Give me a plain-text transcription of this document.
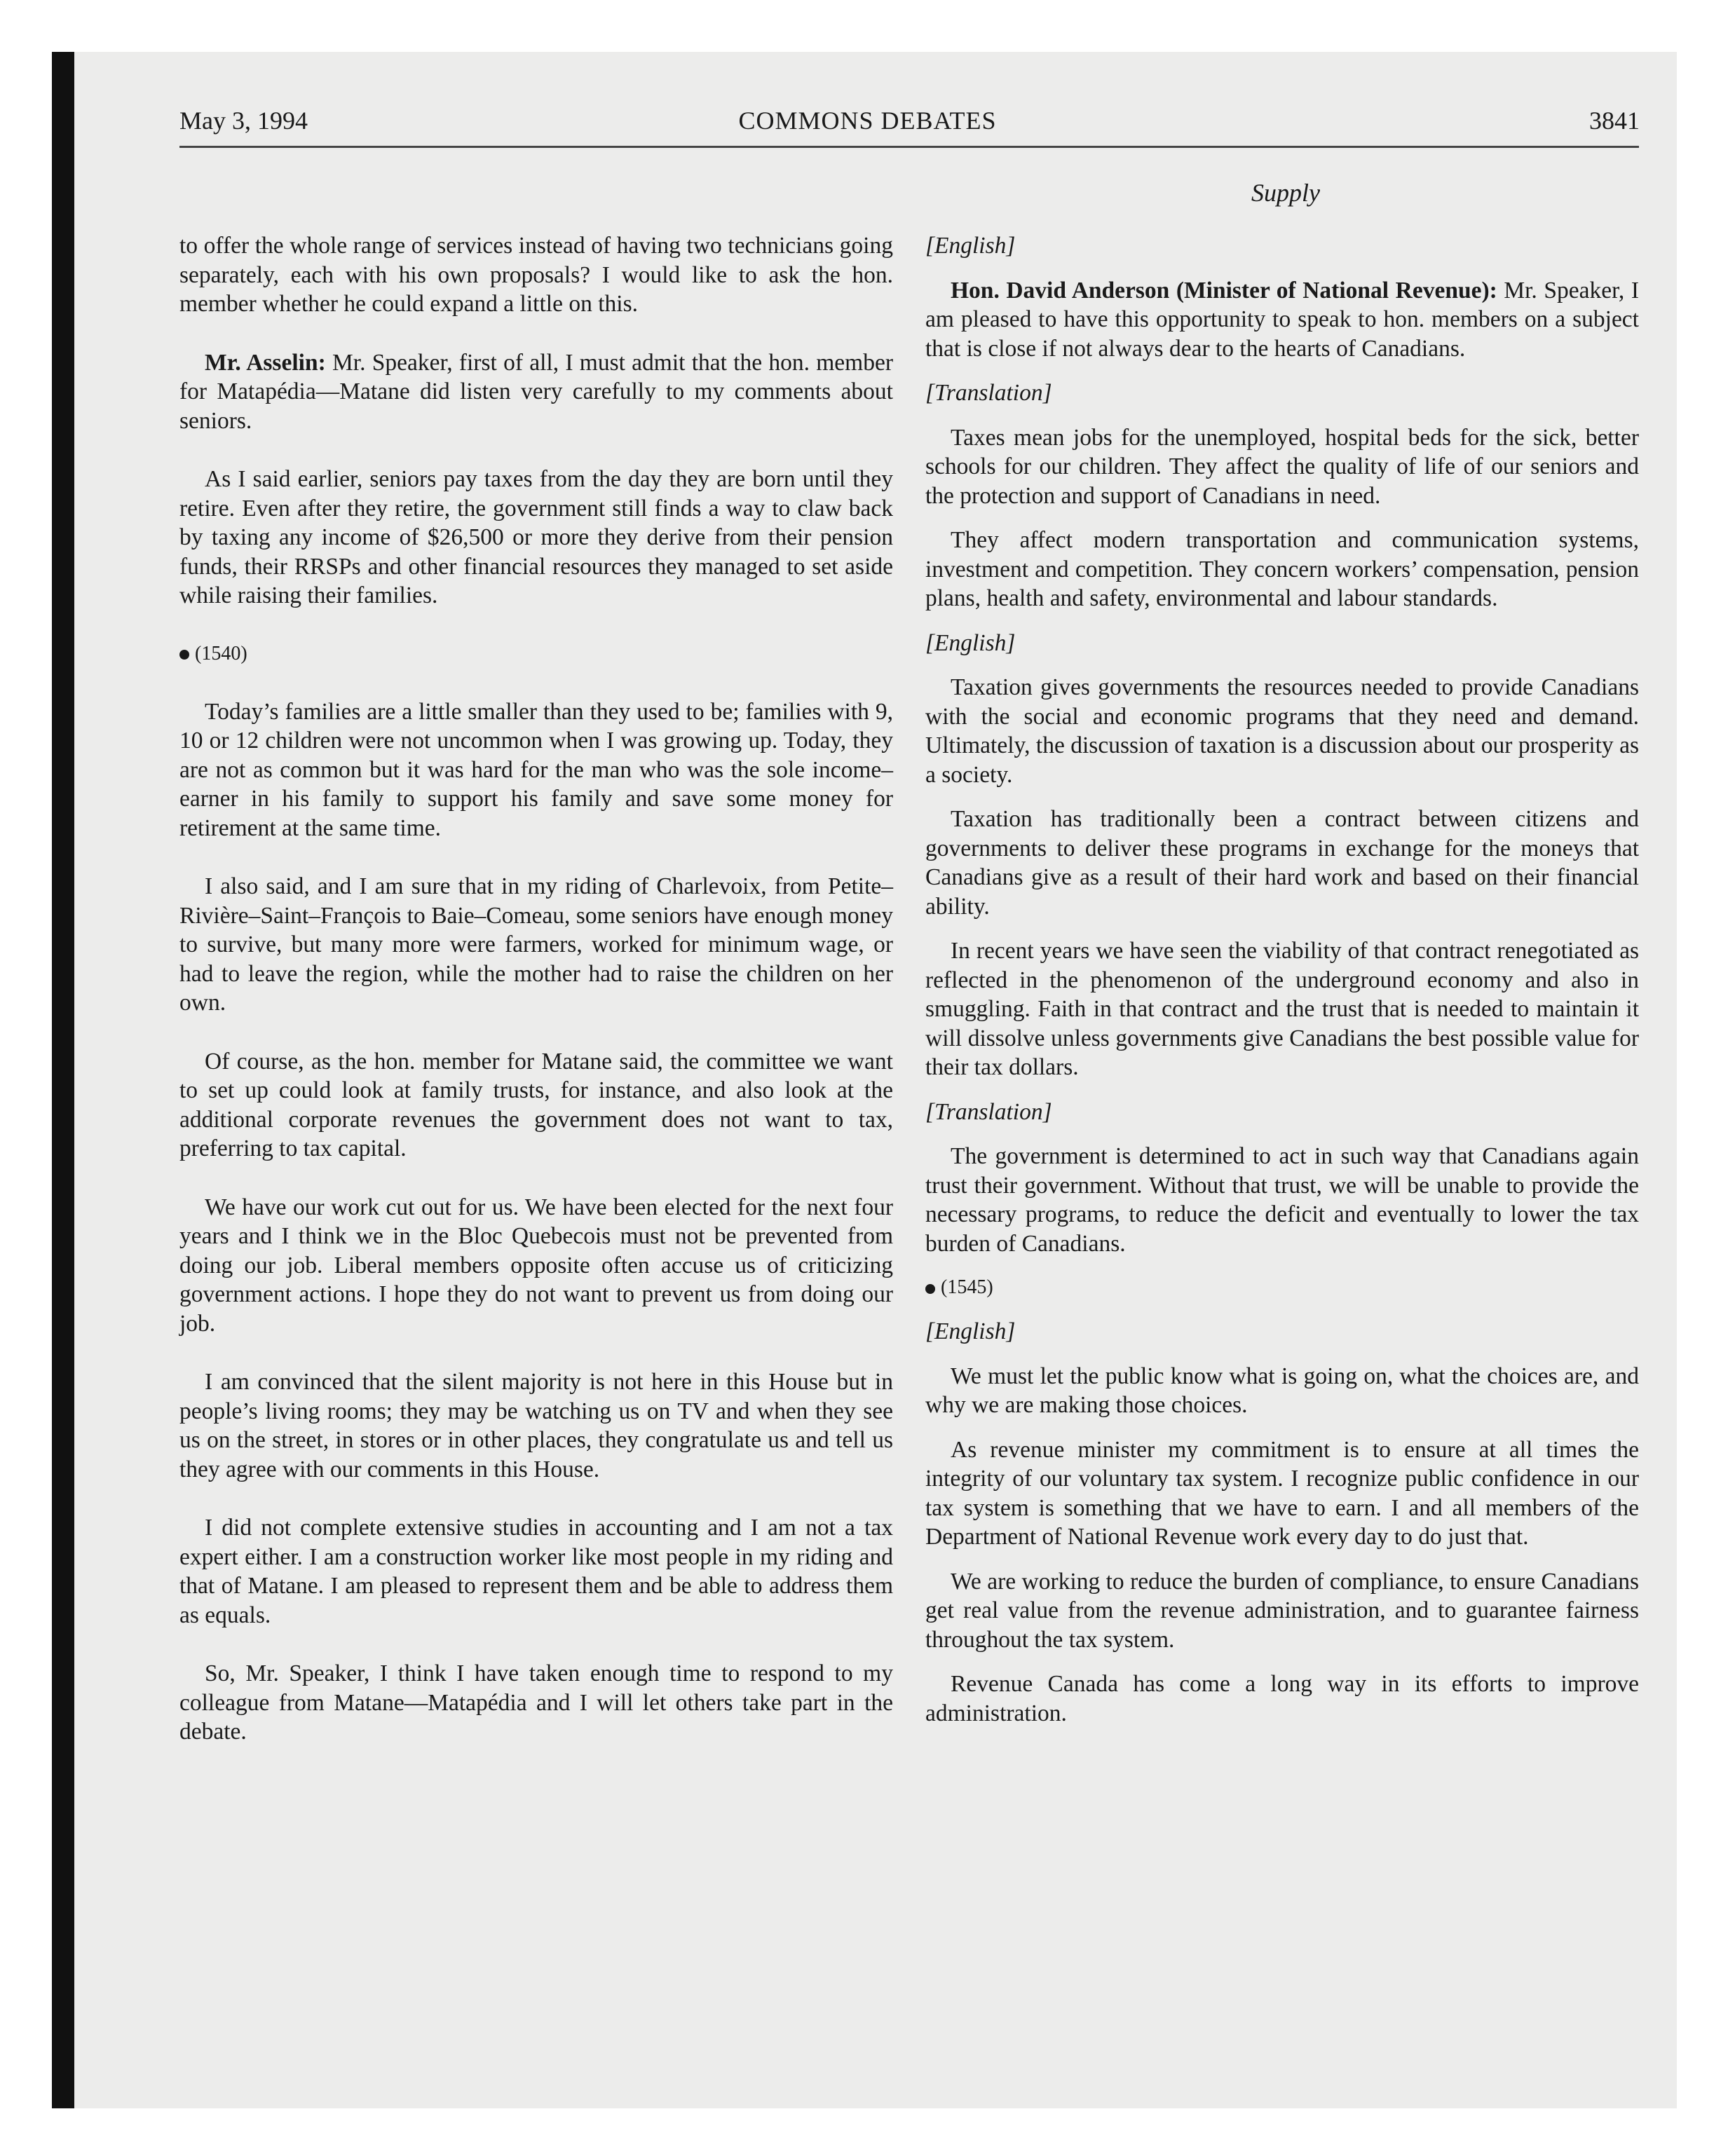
May 3, 1994	COMMONS DEBATES	3841
Supply

to offer the whole range of services instead of having two technicians going separately, each with his own proposals? I would like to ask the hon. member whether he could expand a little on this.

Mr. Asselin: Mr. Speaker, first of all, I must admit that the hon. member for Matapédia—Matane did listen very carefully to my comments about seniors.

As I said earlier, seniors pay taxes from the day they are born until they retire. Even after they retire, the government still finds a way to claw back by taxing any income of $26,500 or more they derive from their pension funds, their RRSPs and other financial resources they managed to set aside while raising their families.

(1540)

Today’s families are a little smaller than they used to be; families with 9, 10 or 12 children were not uncommon when I was growing up. Today, they are not as common but it was hard for the man who was the sole income–earner in his family to support his family and save some money for retirement at the same time.

I also said, and I am sure that in my riding of Charlevoix, from Petite–Rivière–Saint–François to Baie–Comeau, some seniors have enough money to survive, but many more were farmers, worked for minimum wage, or had to leave the region, while the mother had to raise the children on her own.

Of course, as the hon. member for Matane said, the committee we want to set up could look at family trusts, for instance, and also look at the additional corporate revenues the government does not want to tax, preferring to tax capital.

We have our work cut out for us. We have been elected for the next four years and I think we in the Bloc Quebecois must not be prevented from doing our job. Liberal members opposite often accuse us of criticizing government actions. I hope they do not want to prevent us from doing our job.

I am convinced that the silent majority is not here in this House but in people’s living rooms; they may be watching us on TV and when they see us on the street, in stores or in other places, they congratulate us and tell us they agree with our comments in this House.

I did not complete extensive studies in accounting and I am not a tax expert either. I am a construction worker like most people in my riding and that of Matane. I am pleased to represent them and be able to address them as equals.

So, Mr. Speaker, I think I have taken enough time to respond to my colleague from Matane—Matapédia and I will let others take part in the debate.

[English]

Hon. David Anderson (Minister of National Revenue): Mr. Speaker, I am pleased to have this opportunity to speak to hon. members on a subject that is close if not always dear to the hearts of Canadians.

[Translation]

Taxes mean jobs for the unemployed, hospital beds for the sick, better schools for our children. They affect the quality of life of our seniors and the protection and support of Canadians in need.

They affect modern transportation and communication systems, investment and competition. They concern workers’ compensation, pension plans, health and safety, environmental and labour standards.

[English]

Taxation gives governments the resources needed to provide Canadians with the social and economic programs that they need and demand. Ultimately, the discussion of taxation is a discussion about our prosperity as a society.

Taxation has traditionally been a contract between citizens and governments to deliver these programs in exchange for the moneys that Canadians give as a result of their hard work and based on their financial ability.

In recent years we have seen the viability of that contract renegotiated as reflected in the phenomenon of the underground economy and also in smuggling. Faith in that contract and the trust that is needed to maintain it will dissolve unless governments give Canadians the best possible value for their tax dollars.

[Translation]

The government is determined to act in such way that Canadians again trust their government. Without that trust, we will be unable to provide the necessary programs, to reduce the deficit and eventually to lower the tax burden of Canadians.

(1545)

[English]

We must let the public know what is going on, what the choices are, and why we are making those choices.

As revenue minister my commitment is to ensure at all times the integrity of our voluntary tax system. I recognize public confidence in our tax system is something that we have to earn. I and all members of the Department of National Revenue work every day to do just that.

We are working to reduce the burden of compliance, to ensure Canadians get real value from the revenue administration, and to guarantee fairness throughout the tax system.

Revenue Canada has come a long way in its efforts to improve administration.
